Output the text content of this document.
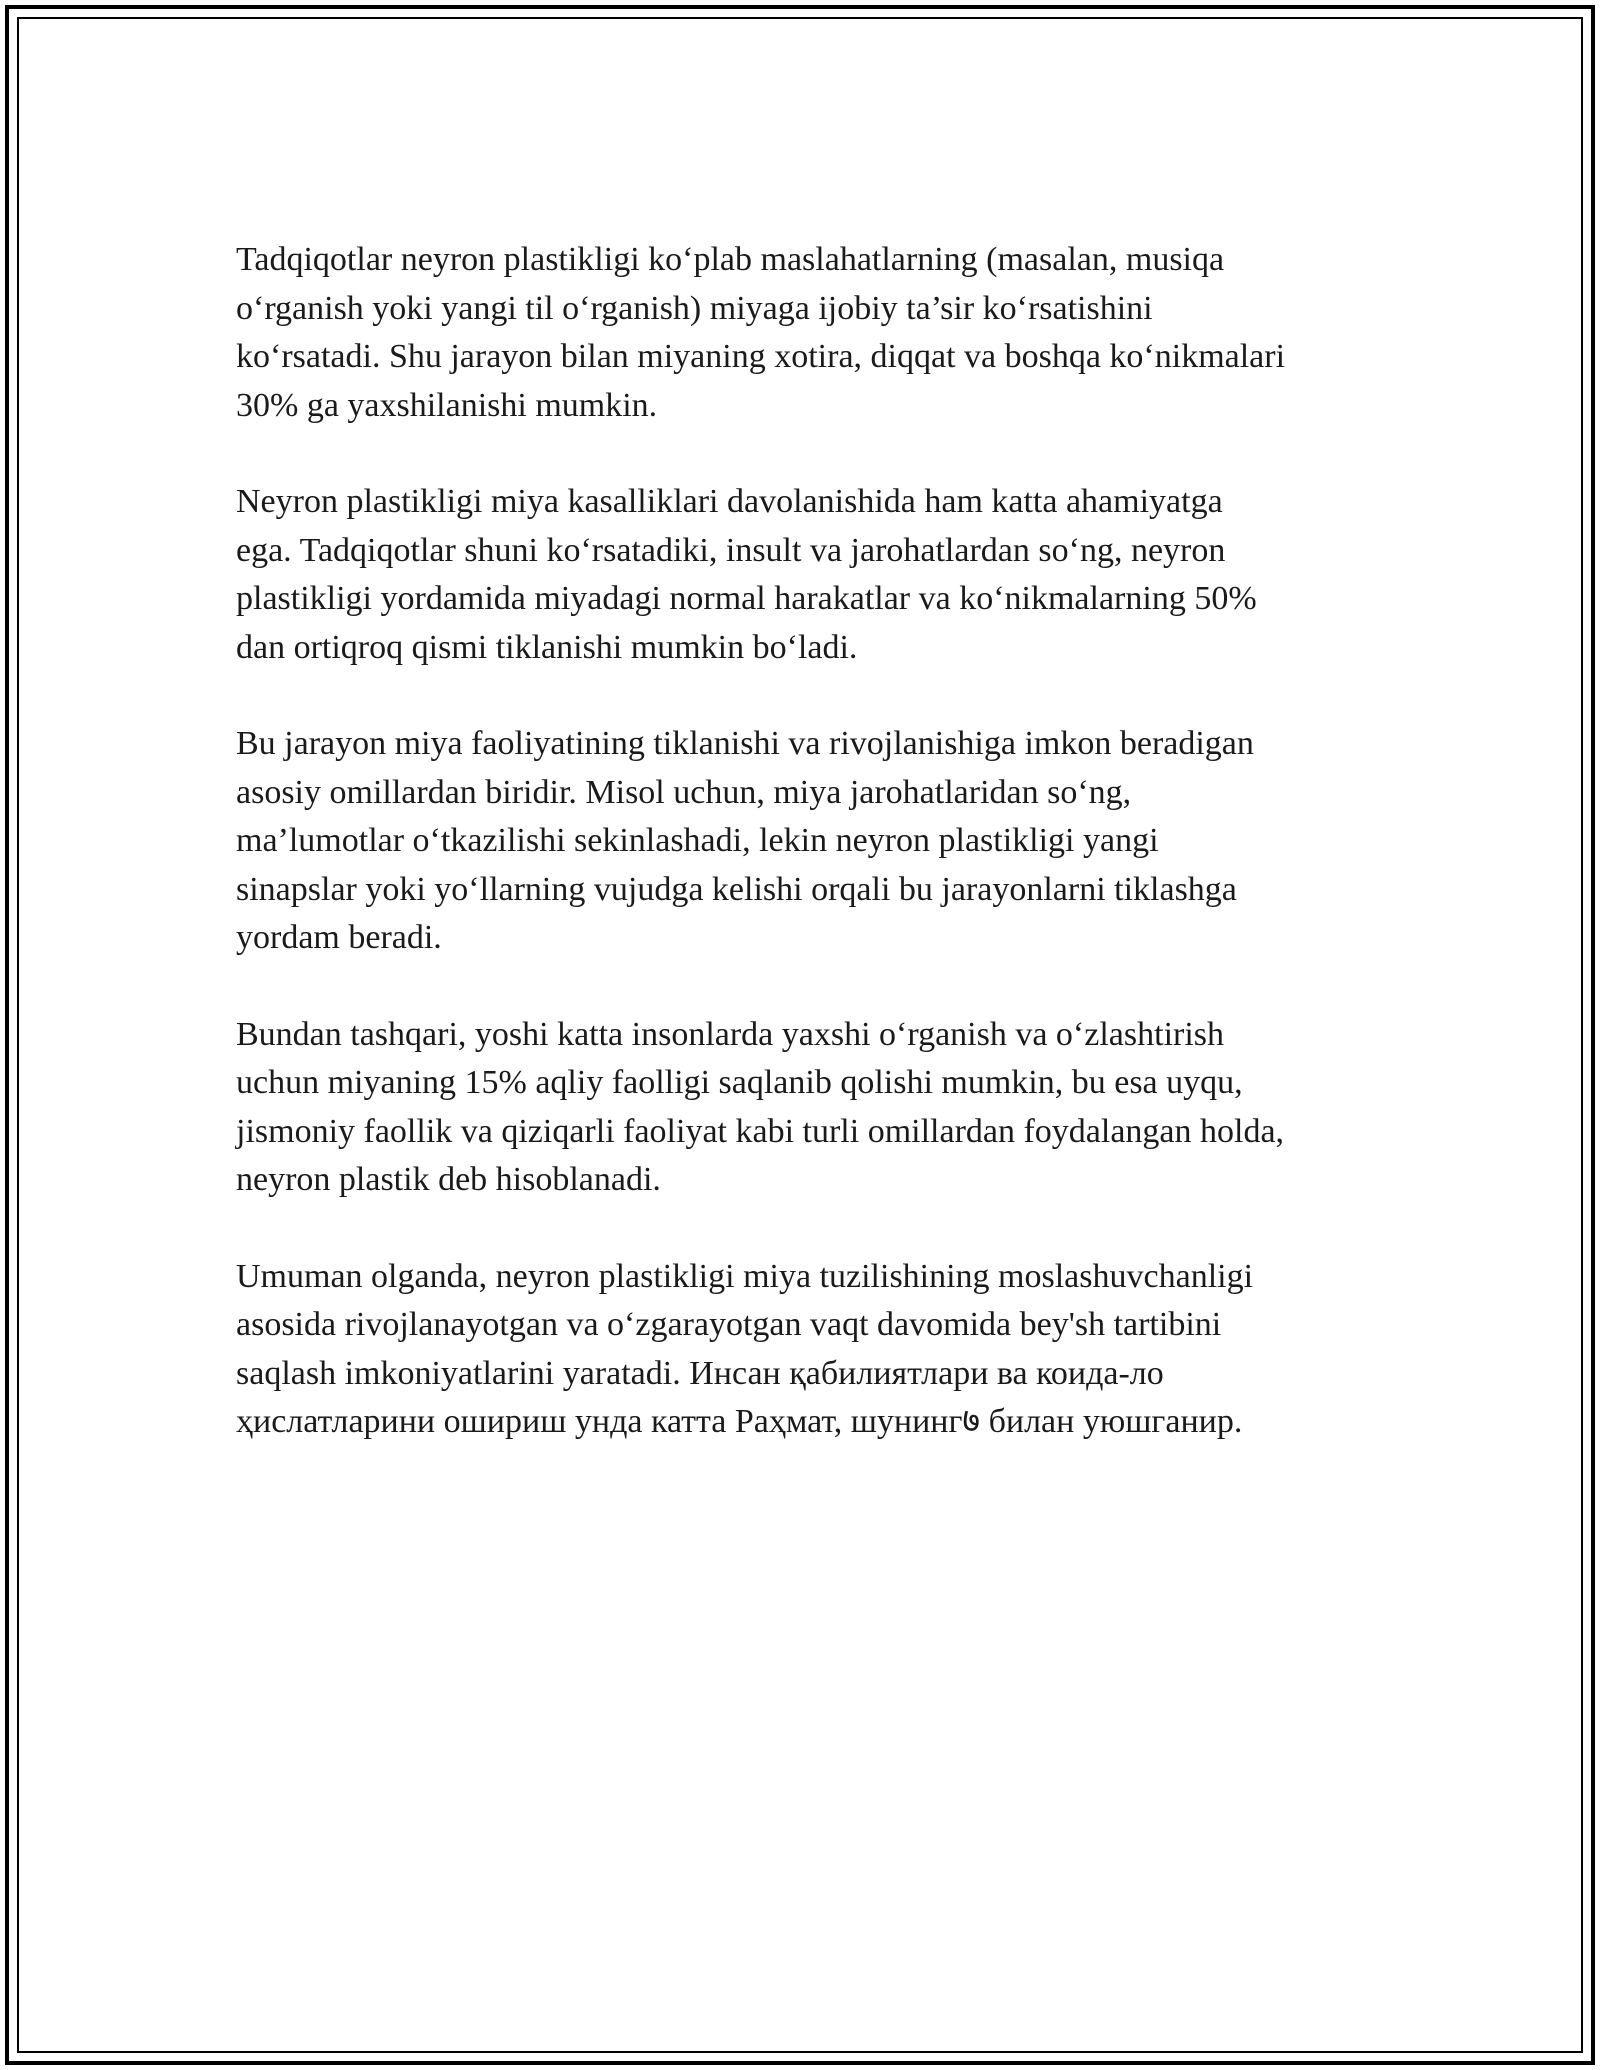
Tadqiqotlar neyron plastikligi ko‘plab maslahatlarning (masalan, musiqa
o‘rganish yoki yangi til o‘rganish) miyaga ijobiy ta’sir ko‘rsatishini
ko‘rsatadi. Shu jarayon bilan miyaning xotira, diqqat va boshqa ko‘nikmalari
30% ga yaxshilanishi mumkin.

Neyron plastikligi miya kasalliklari davolanishida ham katta ahamiyatga
ega. Tadqiqotlar shuni ko‘rsatadiki, insult va jarohatlardan so‘ng, neyron
plastikligi yordamida miyadagi normal harakatlar va ko‘nikmalarning 50%
dan ortiqroq qismi tiklanishi mumkin bo‘ladi.

Bu jarayon miya faoliyatining tiklanishi va rivojlanishiga imkon beradigan
asosiy omillardan biridir. Misol uchun, miya jarohatlaridan so‘ng,
ma’lumotlar o‘tkazilishi sekinlashadi, lekin neyron plastikligi yangi
sinapslar yoki yo‘llarning vujudga kelishi orqali bu jarayonlarni tiklashga
yordam beradi.

Bundan tashqari, yoshi katta insonlarda yaxshi o‘rganish va o‘zlashtirish
uchun miyaning 15% aqliy faolligi saqlanib qolishi mumkin, bu esa uyqu,
jismoniy faollik va qiziqarli faoliyat kabi turli omillardan foydalangan holda,
neyron plastik deb hisoblanadi.

Umuman olganda, neyron plastikligi miya tuzilishining moslashuvchanligi
asosida rivojlanayotgan va o‘zgarayotgan vaqt davomida bey'sh tartibini
saqlash imkoniyatlarini yaratadi. Инсан қабилиятлари ва коида-ло
ҳислатларини ошириш унда катта Раҳмат, шунинг७ билан уюшганир.
